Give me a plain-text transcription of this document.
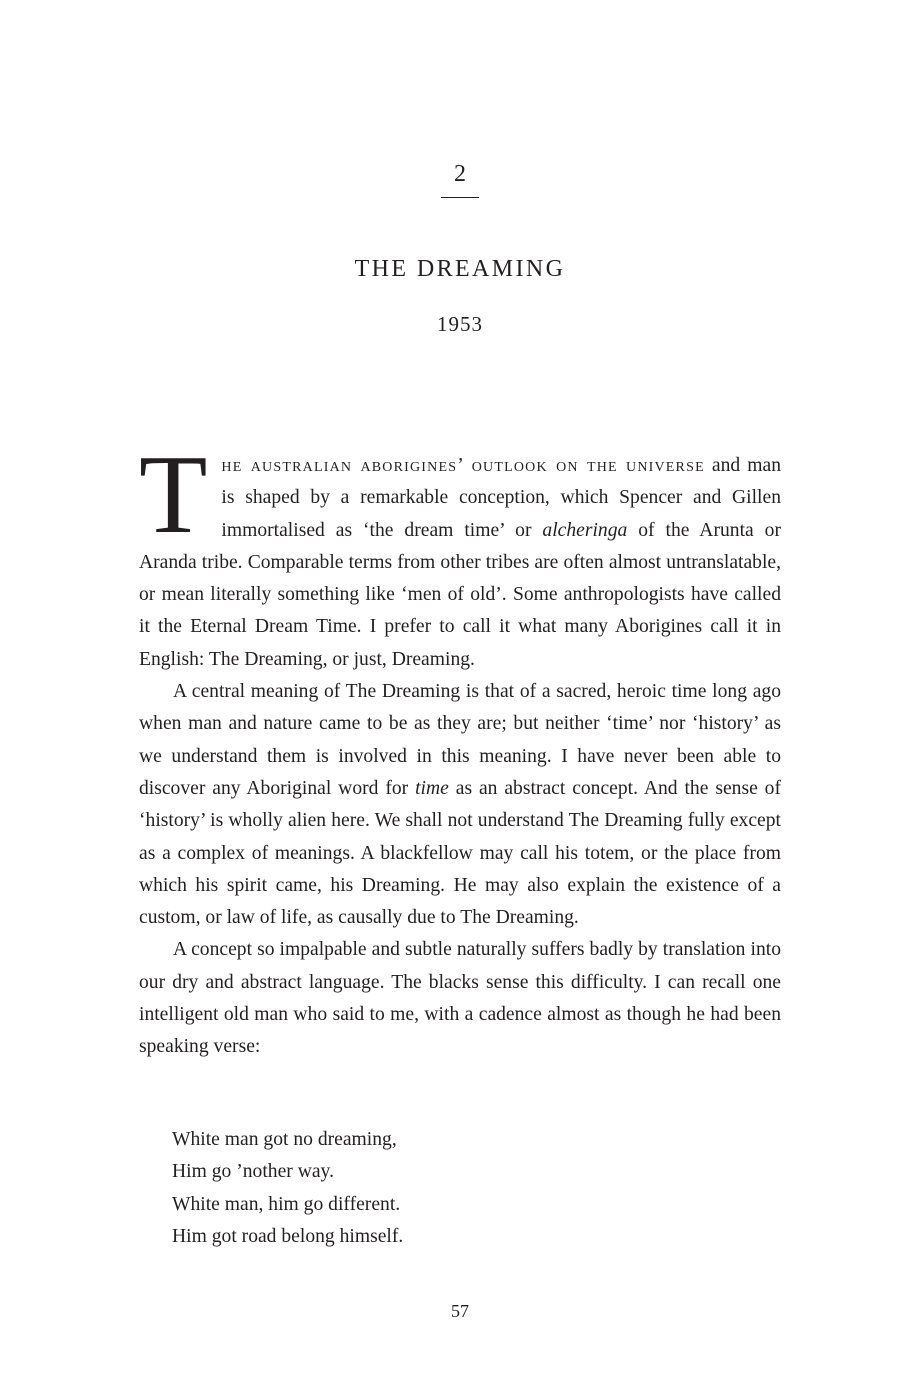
2
THE DREAMING
1953

The australian aborigines’ outlook on the universe and man is shaped by a remarkable conception, which Spencer and Gillen immortalised as ‘the dream time’ or alcheringa of the Arunta or Aranda tribe. Comparable terms from other tribes are often almost untranslatable, or mean literally something like ‘men of old’. Some anthropologists have called it the Eternal Dream Time. I prefer to call it what many Aborigines call it in English: The Dreaming, or just, Dreaming.

A central meaning of The Dreaming is that of a sacred, heroic time long ago when man and nature came to be as they are; but neither ‘time’ nor ‘history’ as we understand them is involved in this meaning. I have never been able to discover any Aboriginal word for time as an abstract concept. And the sense of ‘history’ is wholly alien here. We shall not understand The Dreaming fully except as a complex of meanings. A blackfellow may call his totem, or the place from which his spirit came, his Dreaming. He may also explain the existence of a custom, or law of life, as causally due to The Dreaming.

A concept so impalpable and subtle naturally suffers badly by translation into our dry and abstract language. The blacks sense this difficulty. I can recall one intelligent old man who said to me, with a cadence almost as though he had been speaking verse:

White man got no dreaming,
Him go ’nother way.
White man, him go different.
Him got road belong himself.
57
